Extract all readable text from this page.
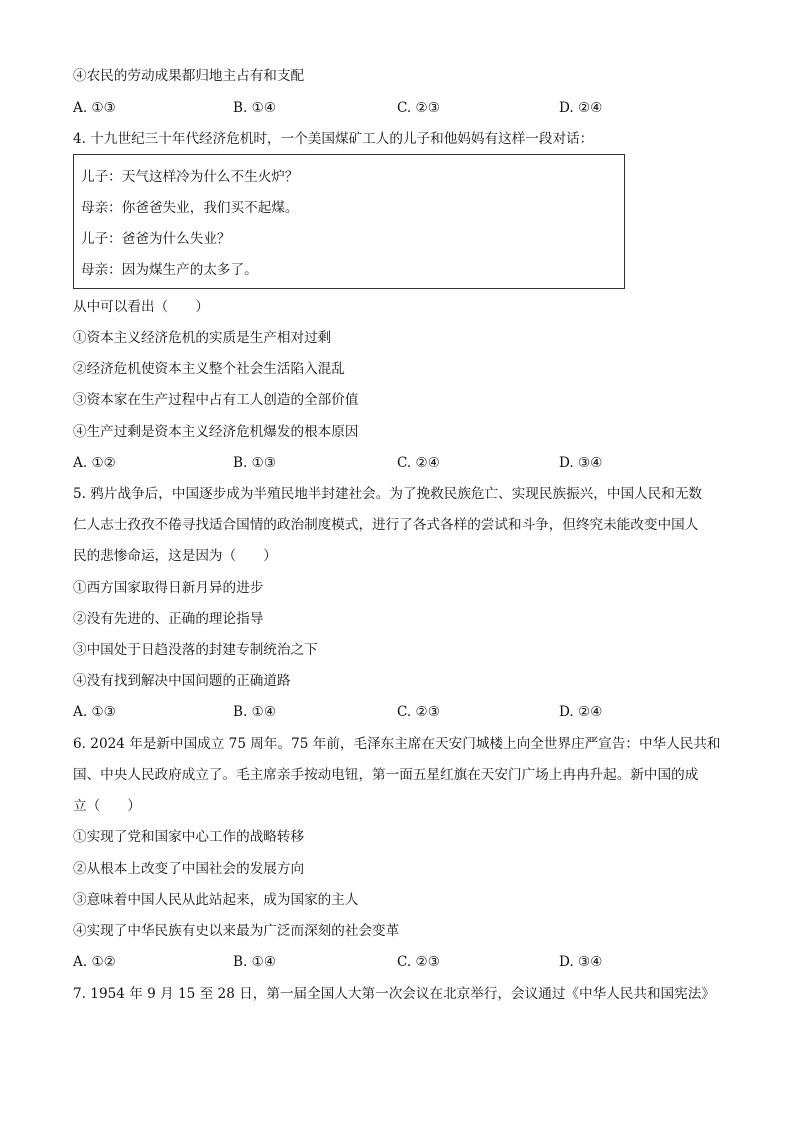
④农民的劳动成果都归地主占有和支配
A. ①③	B. ①④	C. ②③	D. ②④
4. 十九世纪三十年代经济危机时，一个美国煤矿工人的儿子和他妈妈有这样一段对话：
儿子：天气这样冷为什么不生火炉？
母亲：你爸爸失业，我们买不起煤。
儿子：爸爸为什么失业？
母亲：因为煤生产的太多了。
从中可以看出（　　）
①资本主义经济危机的实质是生产相对过剩
②经济危机使资本主义整个社会生活陷入混乱
③资本家在生产过程中占有工人创造的全部价值
④生产过剩是资本主义经济危机爆发的根本原因
A. ①②	B. ①③	C. ②④	D. ③④
5. 鸦片战争后，中国逐步成为半殖民地半封建社会。为了挽救民族危亡、实现民族振兴，中国人民和无数
仁人志士孜孜不倦寻找适合国情的政治制度模式，进行了各式各样的尝试和斗争，但终究未能改变中国人
民的悲惨命运，这是因为（　　）
①西方国家取得日新月异的进步
②没有先进的、正确的理论指导
③中国处于日趋没落的封建专制统治之下
④没有找到解决中国问题的正确道路
A. ①③	B. ①④	C. ②③	D. ②④
6. 2024 年是新中国成立 75 周年。75 年前，毛泽东主席在天安门城楼上向全世界庄严宣告：中华人民共和
国、中央人民政府成立了。毛主席亲手按动电钮，第一面五星红旗在天安门广场上冉冉升起。新中国的成
立（　　）
①实现了党和国家中心工作的战略转移
②从根本上改变了中国社会的发展方向
③意味着中国人民从此站起来，成为国家的主人
④实现了中华民族有史以来最为广泛而深刻的社会变革
A. ①②	B. ①④	C. ②③	D. ③④
7. 1954 年 9 月 15 至 28 日，第一届全国人大第一次会议在北京举行，会议通过《中华人民共和国宪法》
